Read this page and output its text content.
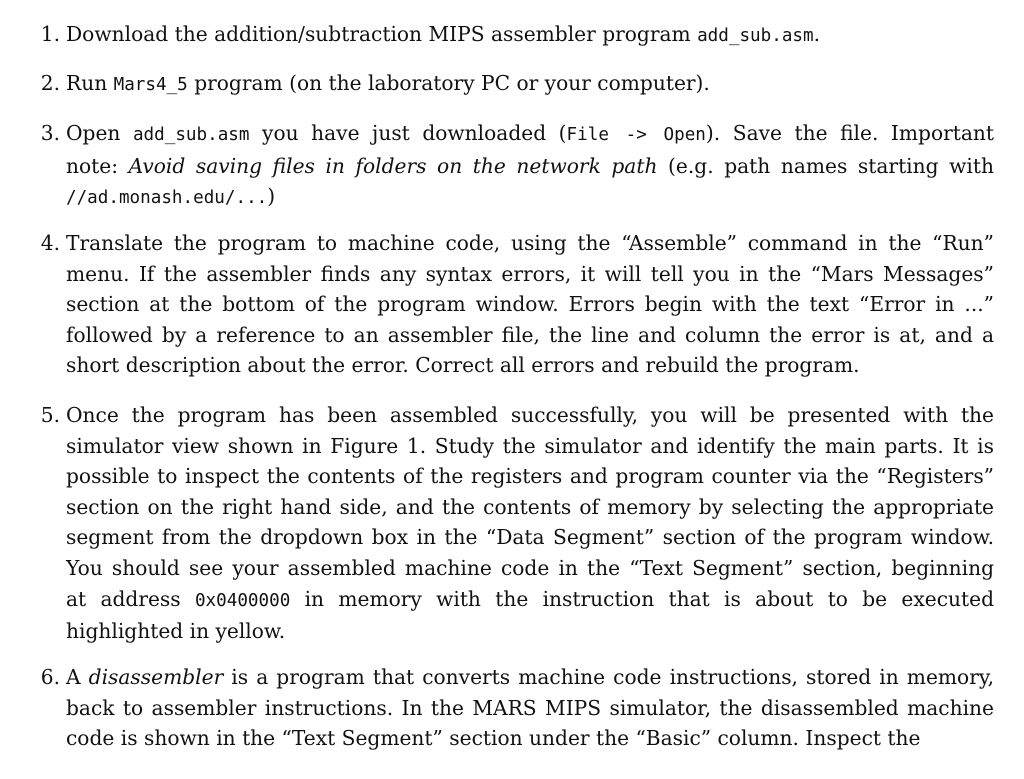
1. Download the addition/subtraction MIPS assembler program add_sub.asm.
2. Run Mars4_5 program (on the laboratory PC or your computer).
3. Open add_sub.asm you have just downloaded (File -> Open). Save the file. Important
note: Avoid saving files in folders on the network path (e.g. path names starting with
//ad.monash.edu/...)
4. Translate the program to machine code, using the “Assemble” command in the “Run”
menu. If the assembler finds any syntax errors, it will tell you in the “Mars Messages”
section at the bottom of the program window. Errors begin with the text “Error in ...”
followed by a reference to an assembler file, the line and column the error is at, and a
short description about the error. Correct all errors and rebuild the program.
5. Once the program has been assembled successfully, you will be presented with the
simulator view shown in Figure 1. Study the simulator and identify the main parts. It is
possible to inspect the contents of the registers and program counter via the “Registers”
section on the right hand side, and the contents of memory by selecting the appropriate
segment from the dropdown box in the “Data Segment” section of the program window.
You should see your assembled machine code in the “Text Segment” section, beginning
at address 0x0400000 in memory with the instruction that is about to be executed
highlighted in yellow.
6. A disassembler is a program that converts machine code instructions, stored in memory,
back to assembler instructions. In the MARS MIPS simulator, the disassembled machine
code is shown in the “Text Segment” section under the “Basic” column. Inspect the
